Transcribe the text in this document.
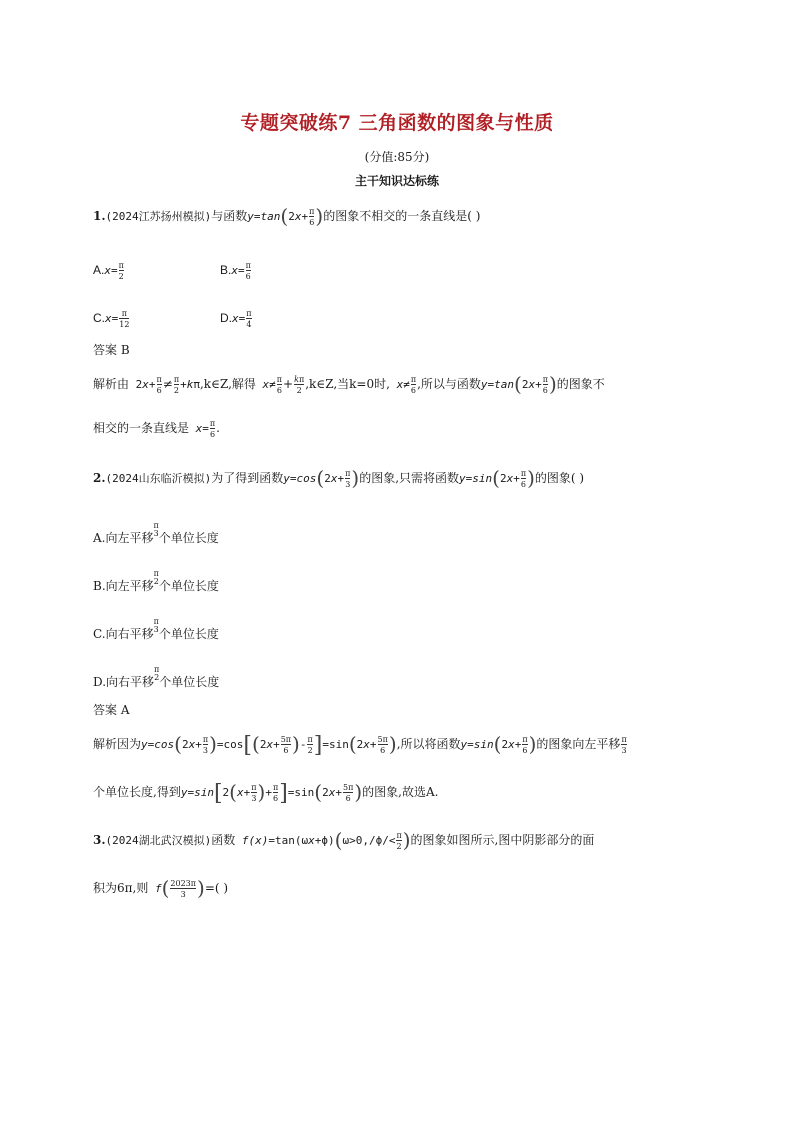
专题突破练7 三角函数的图象与性质
(分值:85分)
主干知识达标练
1.(2024江苏扬州模拟)与函数$y=\tan(2x+ \frac{\pi}{6}$ )的图象不相交的一条直线是( )
$A.x= \frac{\pi}{2}$	$B.x= \frac{\pi}{6}$
$C.x= \frac{\pi}{12}$	$D.x= \frac{\pi}{4}$
答案 B
解析由 $2x+ \frac{\pi}{6} \ne \frac{\pi}{2}$ +kπ,k∈Z,解得 $x\ne \frac{\pi}{6} + \frac{k\pi}{2}$ ,k∈Z,当k=0时, $x\ne \frac{\pi}{6}$ ,所以与函数$y=\tan(2x+ \frac{\pi}{6}$ )的图象不
相交的一条直线是 $x= \frac{\pi}{6}$ .
2.(2024山东临沂模拟)为了得到函数$y=\cos(2x+ \frac{\pi}{3}$ )的图象,只需将函数$y=\sin(2x+ \frac{\pi}{6}$ )的图象( )
A.向左平移π
3个单位长度
B.向左平移π
2个单位长度
C.向右平移π
3个单位长度
D.向右平移π
2个单位长度
答案 A
解析因为$y=\cos(2x+ \frac{\pi}{3} )=\cos[(2x+ \frac{5\pi}{6}$ )- $\frac{\pi}{2} ]=\sin(2x+ \frac{5\pi}{6}$ ),所以将函数$y=\sin(2x+ \frac{\pi}{6}$ )的图象向左平移 $\frac{\pi}{3}$
个单位长度,得到$y=\sin[2(x+ \frac{\pi}{3}$ )+ $\frac{\pi}{6} ]=\sin(2x+ \frac{5\pi}{6}$ )的图象,故选A.
3.(2024湖北武汉模拟)函数 $f(x)=\tan(\omega x+\phi)(\omega>0,/\phi/< \frac{\pi}{2}$ )的图象如图所示,图中阴影部分的面
积为6π,则 $f( \frac{2023\pi}{3}$ )=( )
